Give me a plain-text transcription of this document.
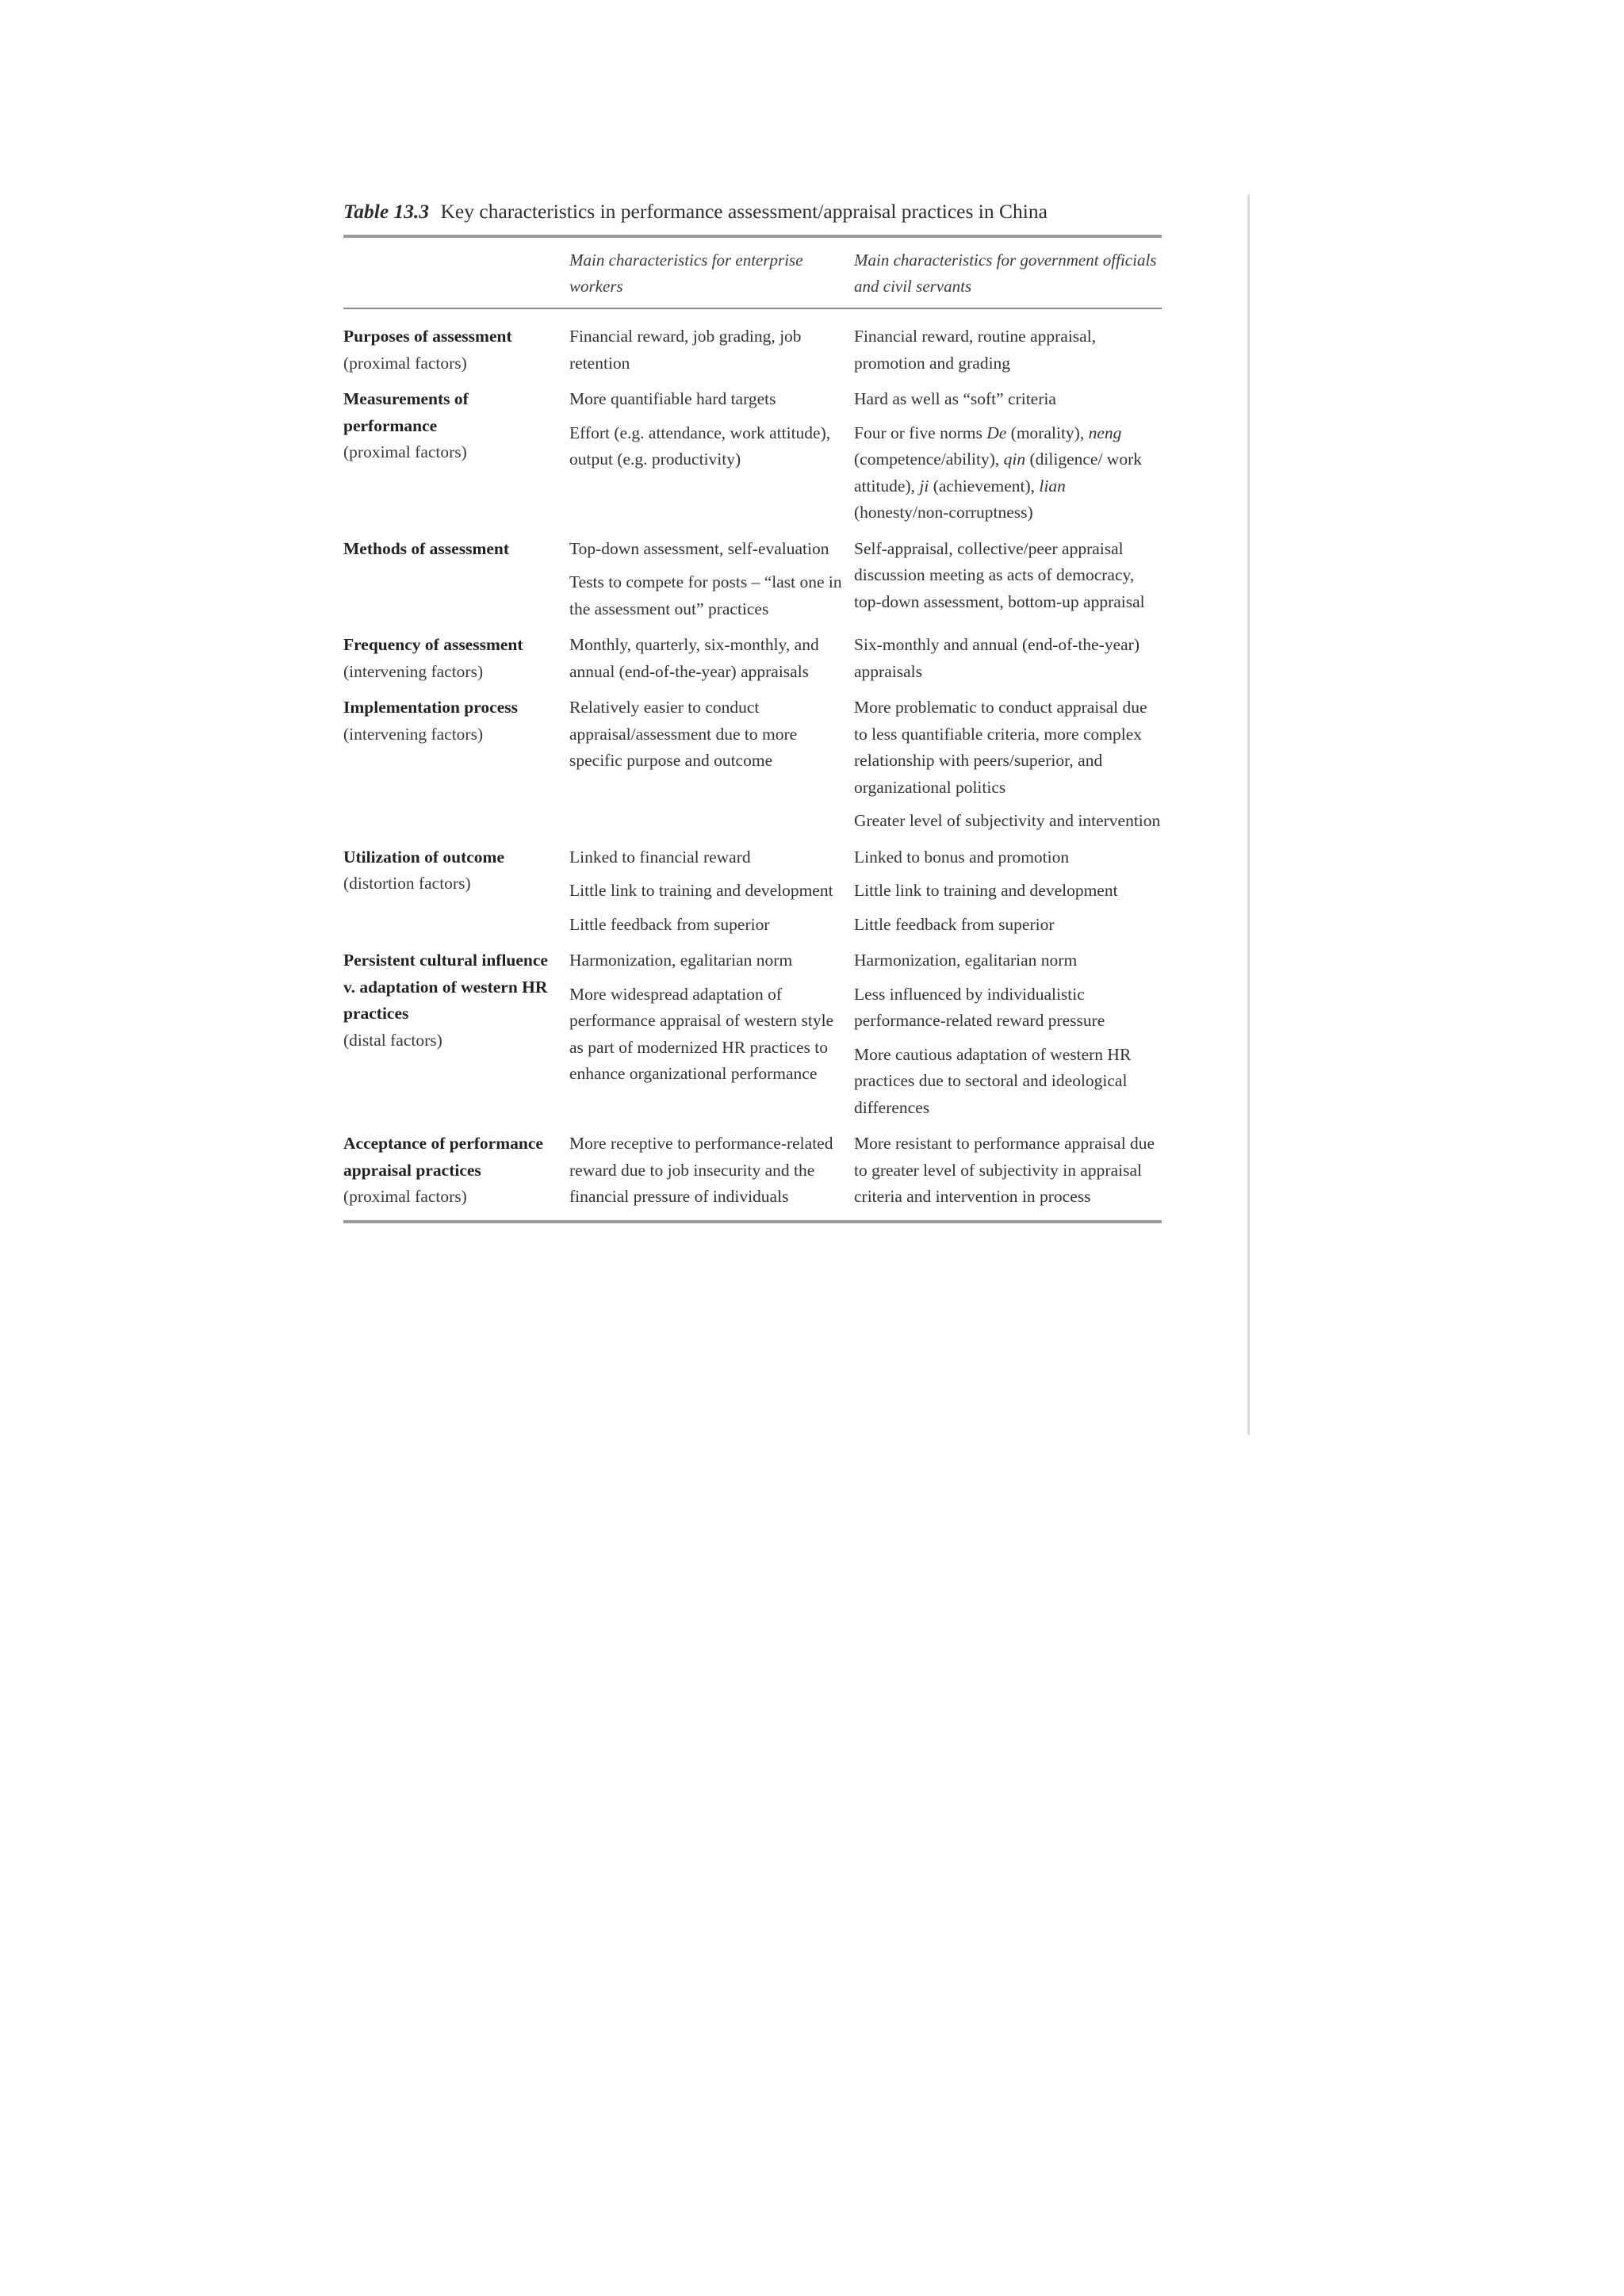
Table 13.3 Key characteristics in performance assessment/appraisal practices in China
Main characteristics for enterprise workers
Main characteristics for government officials and civil servants
Purposes of assessment
(proximal factors)
Financial reward, job grading, job retention
Financial reward, routine appraisal, promotion and grading
Measurements of performance
(proximal factors)
More quantifiable hard targets
Effort (e.g. attendance, work attitude), output (e.g. productivity)
Hard as well as “soft” criteria
Four or five norms De (morality), neng (competence/ability), qin (diligence/ work attitude), ji (achievement), lian (honesty/non-corruptness)
Methods of assessment	Top-down assessment, self-evaluation
Tests to compete for posts – “last one in the assessment out” practices
Self-appraisal, collective/peer appraisal discussion meeting as acts of democracy, top-down assessment, bottom-up appraisal
Frequency of assessment
(intervening factors)
Monthly, quarterly, six-monthly, and annual (end-of-the-year) appraisals
Six-monthly and annual (end-of-the-year) appraisals
Implementation process
(intervening factors)
Relatively easier to conduct appraisal/assessment due to more specific purpose and outcome
More problematic to conduct appraisal due to less quantifiable criteria, more complex relationship with peers/superior, and organizational politics
Greater level of subjectivity and intervention
Utilization of outcome
(distortion factors)
Linked to financial reward
Little link to training and development
Little feedback from superior
Linked to bonus and promotion
Little link to training and development
Little feedback from superior
Persistent cultural influence v. adaptation of western HR practices
(distal factors)
Harmonization, egalitarian norm
More widespread adaptation of performance appraisal of western style as part of modernized HR practices to enhance organizational performance
Harmonization, egalitarian norm
Less influenced by individualistic performance-related reward pressure
More cautious adaptation of western HR practices due to sectoral and ideological differences
Acceptance of performance appraisal practices
(proximal factors)
More receptive to performance-related reward due to job insecurity and the financial pressure of individuals
More resistant to performance appraisal due to greater level of subjectivity in appraisal criteria and intervention in process
